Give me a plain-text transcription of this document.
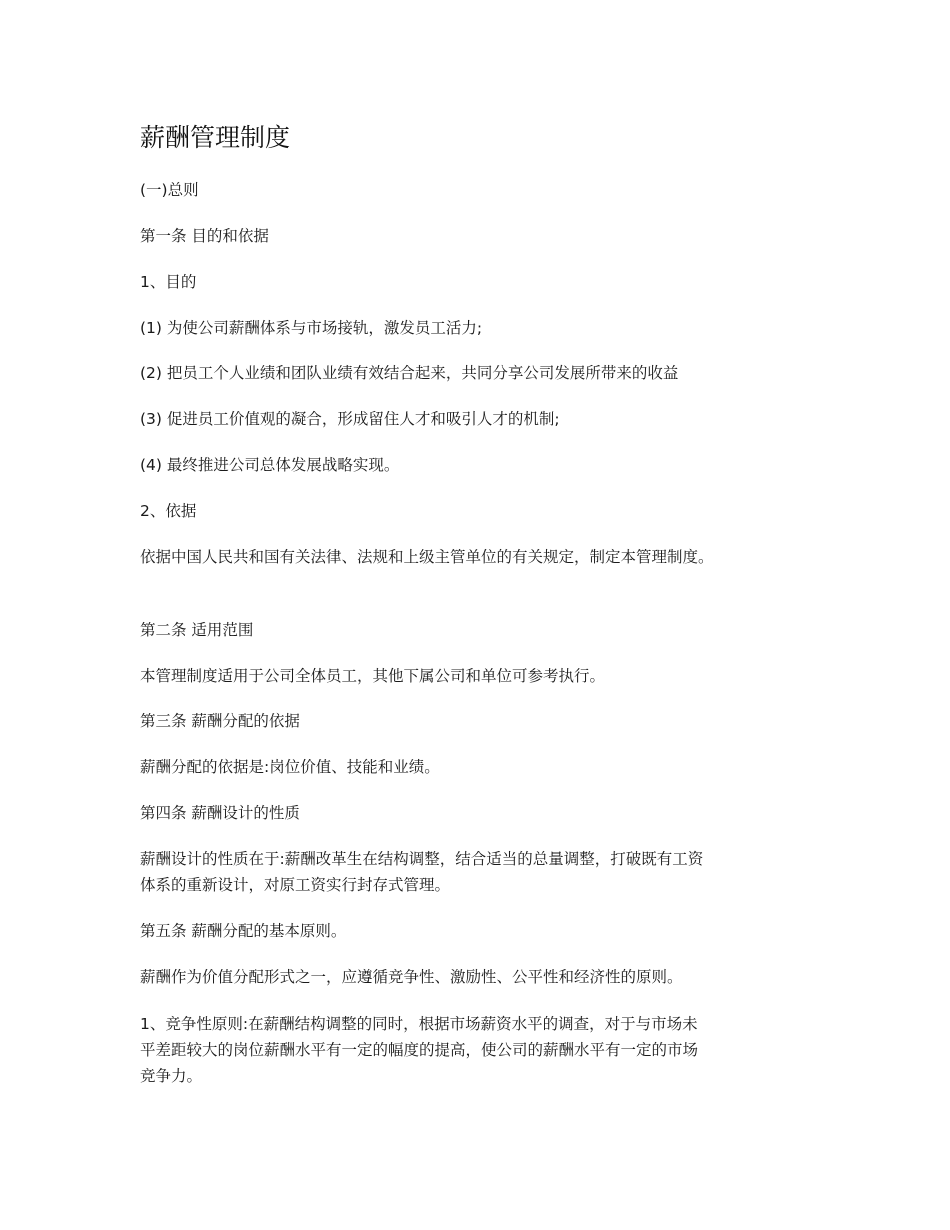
薪酬管理制度
(一)总则
第一条 目的和依据
1、目的
(1) 为使公司薪酬体系与市场接轨，激发员工活力;
(2) 把员工个人业绩和团队业绩有效结合起来，共同分享公司发展所带来的收益
(3) 促进员工价值观的凝合，形成留住人才和吸引人才的机制;
(4) 最终推进公司总体发展战略实现。
2、依据
依据中国人民共和国有关法律、法规和上级主管单位的有关规定，制定本管理制度。
第二条 适用范围
本管理制度适用于公司全体员工，其他下属公司和单位可参考执行。
第三条 薪酬分配的依据
薪酬分配的依据是:岗位价值、技能和业绩。
第四条 薪酬设计的性质
薪酬设计的性质在于:薪酬改革生在结构调整，结合适当的总量调整，打破既有工资
体系的重新设计，对原工资实行封存式管理。
第五条 薪酬分配的基本原则。
薪酬作为价值分配形式之一，应遵循竞争性、激励性、公平性和经济性的原则。
1、竞争性原则:在薪酬结构调整的同时，根据市场薪资水平的调查，对于与市场未
平差距较大的岗位薪酬水平有一定的幅度的提高，使公司的薪酬水平有一定的市场
竞争力。
